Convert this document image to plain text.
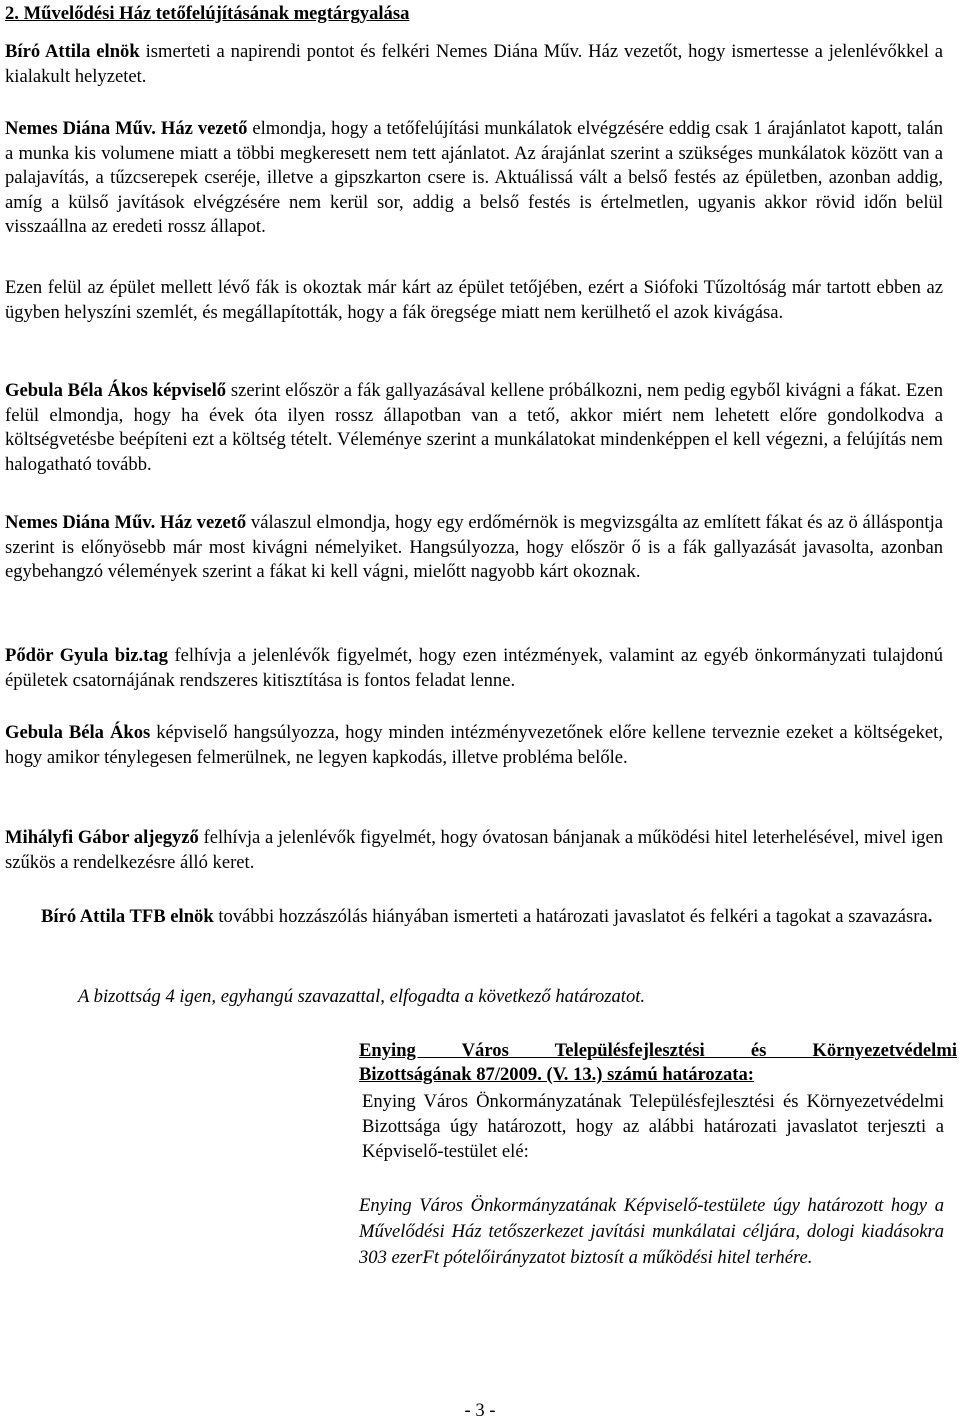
2. Művelődési Ház tetőfelújításának megtárgyalása

Bíró Attila elnök ismerteti a napirendi pontot és felkéri Nemes Diána Műv. Ház vezetőt, hogy ismertesse a jelenlévőkkel a kialakult helyzetet.

Nemes Diána Műv. Ház vezető elmondja, hogy a tetőfelújítási munkálatok elvégzésére eddig csak 1 árajánlatot kapott, talán a munka kis volumene miatt a többi megkeresett nem tett ajánlatot. Az árajánlat szerint a szükséges munkálatok között van a palajavítás, a tűzcserepek cseréje, illetve a gipszkarton csere is. Aktuálissá vált a belső festés az épületben, azonban addig, amíg a külső javítások elvégzésére nem kerül sor, addig a belső festés is értelmetlen, ugyanis akkor rövid időn belül visszaállna az eredeti rossz állapot.

Ezen felül az épület mellett lévő fák is okoztak már kárt az épület tetőjében, ezért a Siófoki Tűzoltóság már tartott ebben az ügyben helyszíni szemlét, és megállapították, hogy a fák öregsége miatt nem kerülhető el azok kivágása.

Gebula Béla Ákos képviselő szerint először a fák gallyazásával kellene próbálkozni, nem pedig egyből kivágni a fákat. Ezen felül elmondja, hogy ha évek óta ilyen rossz állapotban van a tető, akkor miért nem lehetett előre gondolkodva a költségvetésbe beépíteni ezt a költség tételt. Véleménye szerint a munkálatokat mindenképpen el kell végezni, a felújítás nem halogatható tovább.

Nemes Diána Műv. Ház vezető válaszul elmondja, hogy egy erdőmérnök is megvizsgálta az említett fákat és az ö álláspontja szerint is előnyösebb már most kivágni némelyiket. Hangsúlyozza, hogy először ő is a fák gallyazását javasolta, azonban egybehangzó vélemények szerint a fákat ki kell vágni, mielőtt nagyobb kárt okoznak.

Pődör Gyula biz.tag felhívja a jelenlévők figyelmét, hogy ezen intézmények, valamint az egyéb önkormányzati tulajdonú épületek csatornájának rendszeres kitisztítása is fontos feladat lenne.

Gebula Béla Ákos képviselő hangsúlyozza, hogy minden intézményvezetőnek előre kellene terveznie ezeket a költségeket, hogy amikor ténylegesen felmerülnek, ne legyen kapkodás, illetve probléma belőle.

Mihályfi Gábor aljegyző felhívja a jelenlévők figyelmét, hogy óvatosan bánjanak a működési hitel leterhelésével, mivel igen szűkös a rendelkezésre álló keret.

Bíró Attila TFB elnök további hozzászólás hiányában ismerteti a határozati javaslatot és felkéri a tagokat a szavazásra.

A bizottság 4 igen, egyhangú szavazattal, elfogadta a következő határozatot.
Enying Város Településfejlesztési és Környezetvédelmi
Bizottságának 87/2009. (V. 13.) számú határozata:

Enying Város Önkormányzatának Településfejlesztési és Környezetvédelmi Bizottsága úgy határozott, hogy az alábbi határozati javaslatot terjeszti a Képviselő-testület elé:

Enying Város Önkormányzatának Képviselő-testülete úgy határozott hogy a Művelődési Ház tetőszerkezet javítási munkálatai céljára, dologi kiadásokra 303 ezerFt pótelőirányzatot biztosít a működési hitel terhére.

- 3 -
